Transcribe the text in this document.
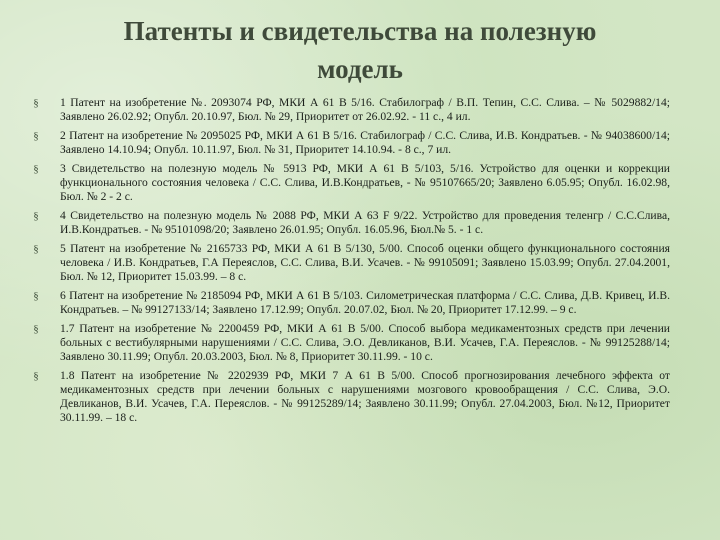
Патенты и свидетельства на полезную модель
§ 1 Патент на изобретение №. 2093074 РФ, МКИ А 61 В 5/16. Стабилограф / В.П. Тепин, С.С. Слива. – № 5029882/14; Заявлено 26.02.92; Опубл. 20.10.97, Бюл. № 29, Приоритет от 26.02.92. - 11 с., 4 ил.
§ 2 Патент на изобретение № 2095025 РФ, МКИ А 61 В 5/16. Стабилограф / С.С. Слива, И.В. Кондратьев. - № 94038600/14; Заявлено 14.10.94; Опубл. 10.11.97, Бюл. № 31, Приоритет 14.10.94. - 8 с., 7 ил.
§ 3 Свидетельство на полезную модель № 5913 РФ, МКИ А 61 В 5/103, 5/16. Устройство для оценки и коррекции функционального состояния человека / С.С. Слива, И.В.Кондратьев, - № 95107665/20; Заявлено 6.05.95; Опубл. 16.02.98, Бюл. № 2 - 2 с.
§ 4 Свидетельство на полезную модель № 2088 РФ, МКИ А 63 F 9/22. Устройство для проведения теленгр / С.С.Слива, И.В.Кондратьев. - № 95101098/20; Заявлено 26.01.95; Опубл. 16.05.96, Бюл.№ 5. - 1 с.
§ 5 Патент на изобретение № 2165733 РФ, МКИ А 61 В 5/130, 5/00. Способ оценки общего функционального состояния человека / И.В. Кондратьев, Г.А Переяслов, С.С. Слива, В.И. Усачев. - № 99105091; Заявлено 15.03.99; Опубл. 27.04.2001, Бюл. № 12, Приоритет 15.03.99. – 8 с.
§ 6 Патент на изобретение № 2185094 РФ, МКИ А 61 В 5/103. Силометрическая платформа / С.С. Слива, Д.В. Кривец, И.В. Кондратьев. – № 99127133/14; Заявлено 17.12.99; Опубл. 20.07.02, Бюл. № 20, Приоритет 17.12.99. – 9 с.
§ 1.7 Патент на изобретение № 2200459 РФ, МКИ А 61 В 5/00. Способ выбора медикаментозных средств при лечении больных с вестибулярными нарушениями / С.С. Слива, Э.О. Девликанов, В.И. Усачев, Г.А. Переяслов. - № 99125288/14; Заявлено 30.11.99; Опубл. 20.03.2003, Бюл. № 8, Приоритет 30.11.99. - 10 с.
§ 1.8 Патент на изобретение № 2202939 РФ, МКИ 7 А 61 В 5/00. Способ прогнозирования лечебного эффекта от медикаментозных средств при лечении больных с нарушениями мозгового кровообращения / С.С. Слива, Э.О. Девликанов, В.И. Усачев, Г.А. Переяслов. - № 99125289/14; Заявлено 30.11.99; Опубл. 27.04.2003, Бюл. №12, Приоритет 30.11.99. – 18 с.
